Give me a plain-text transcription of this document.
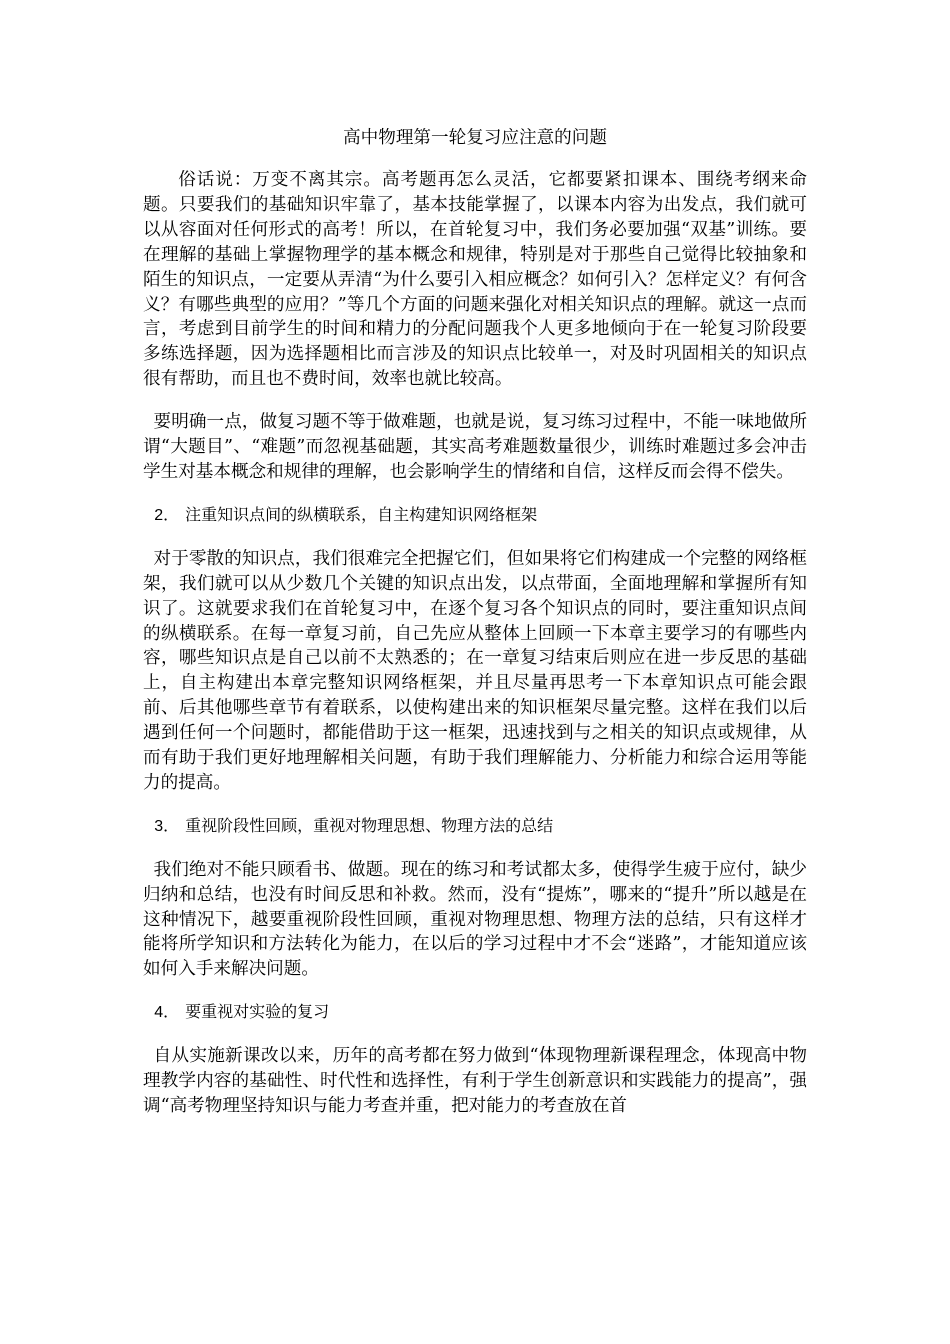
高中物理第一轮复习应注意的问题

俗话说：万变不离其宗。高考题再怎么灵活，它都要紧扣课本、围绕考纲来命题。只要我们的基础知识牢靠了，基本技能掌握了，以课本内容为出发点，我们就可以从容面对任何形式的高考！所以，在首轮复习中，我们务必要加强“双基”训练。要在理解的基础上掌握物理学的基本概念和规律，特别是对于那些自己觉得比较抽象和陌生的知识点，一定要从弄清“为什么要引入相应概念？如何引入？怎样定义？有何含义？有哪些典型的应用？”等几个方面的问题来强化对相关知识点的理解。就这一点而言，考虑到目前学生的时间和精力的分配问题我个人更多地倾向于在一轮复习阶段要多练选择题，因为选择题相比而言涉及的知识点比较单一，对及时巩固相关的知识点很有帮助，而且也不费时间，效率也就比较高。

要明确一点，做复习题不等于做难题，也就是说，复习练习过程中，不能一味地做所谓“大题目”、“难题”而忽视基础题，其实高考难题数量很少，训练时难题过多会冲击学生对基本概念和规律的理解，也会影响学生的情绪和自信，这样反而会得不偿失。

2． 注重知识点间的纵横联系，自主构建知识网络框架

对于零散的知识点，我们很难完全把握它们，但如果将它们构建成一个完整的网络框架，我们就可以从少数几个关键的知识点出发，以点带面，全面地理解和掌握所有知识了。这就要求我们在首轮复习中，在逐个复习各个知识点的同时，要注重知识点间的纵横联系。在每一章复习前，自己先应从整体上回顾一下本章主要学习的有哪些内容，哪些知识点是自己以前不太熟悉的；在一章复习结束后则应在进一步反思的基础上，自主构建出本章完整知识网络框架，并且尽量再思考一下本章知识点可能会跟前、后其他哪些章节有着联系，以使构建出来的知识框架尽量完整。这样在我们以后遇到任何一个问题时，都能借助于这一框架，迅速找到与之相关的知识点或规律，从而有助于我们更好地理解相关问题，有助于我们理解能力、分析能力和综合运用等能力的提高。

3． 重视阶段性回顾，重视对物理思想、物理方法的总结

我们绝对不能只顾看书、做题。现在的练习和考试都太多，使得学生疲于应付，缺少归纳和总结，也没有时间反思和补救。然而，没有“提炼”，哪来的“提升”所以越是在这种情况下，越要重视阶段性回顾，重视对物理思想、物理方法的总结，只有这样才能将所学知识和方法转化为能力，在以后的学习过程中才不会“迷路”，才能知道应该如何入手来解决问题。

4． 要重视对实验的复习

自从实施新课改以来，历年的高考都在努力做到“体现物理新课程理念，体现高中物理教学内容的基础性、时代性和选择性，有利于学生创新意识和实践能力的提高”，强调“高考物理坚持知识与能力考查并重，把对能力的考查放在首
